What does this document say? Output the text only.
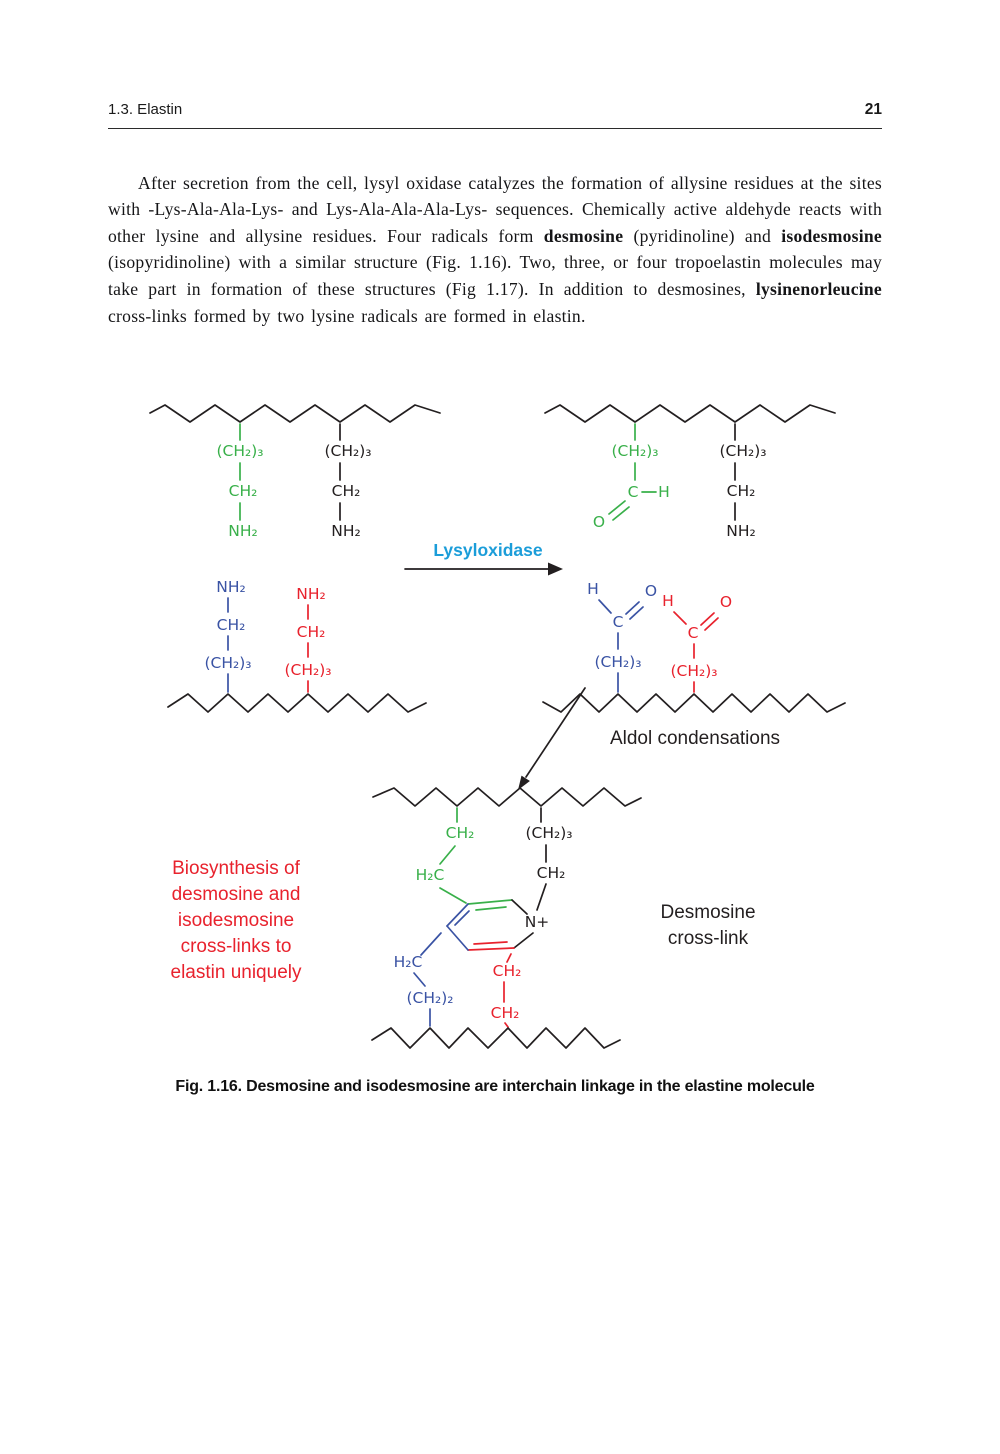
1.3. Elastin	21

After secretion from the cell, lysyl oxidase catalyzes the formation of allysine residues at the sites with -Lys-Ala-Ala-Lys- and Lys-Ala-Ala-Ala-Lys- sequences. Chemically active aldehyde reacts with other lysine and allysine residues. Four radicals form desmosine (pyridinoline) and isodesmosine (isopyridinoline) with a similar structure (Fig. 1.16). Two, three, or four tropoelastin molecules may take part in formation of these structures (Fig 1.17). In addition to desmosines, lysinenorleucine cross-links formed by two lysine radicals are formed in elastin.

(CH₂)₃
CH₂
NH₂
(CH₂)₃
CH₂
NH₂
(CH₂)₃
C H
O
(CH₂)₃
CH₂
NH₂
Lysyloxidase
NH₂
CH₂
(CH₂)₃
NH₂
CH₂
(CH₂)₃
H
C
O
(CH₂)₃
H
C
O
(CH₂)₃
Aldol condensations
CH₂
H₂C
(CH₂)₃
CH₂
N+
CH₂
CH₂
H₂C
(CH₂)₂
Biosynthesis of
desmosine and
isodesmosine
cross-links to
elastin uniquely
Desmosine
cross-link
Fig. 1.16. Desmosine and isodesmosine are interchain linkage in the elastine molecule
